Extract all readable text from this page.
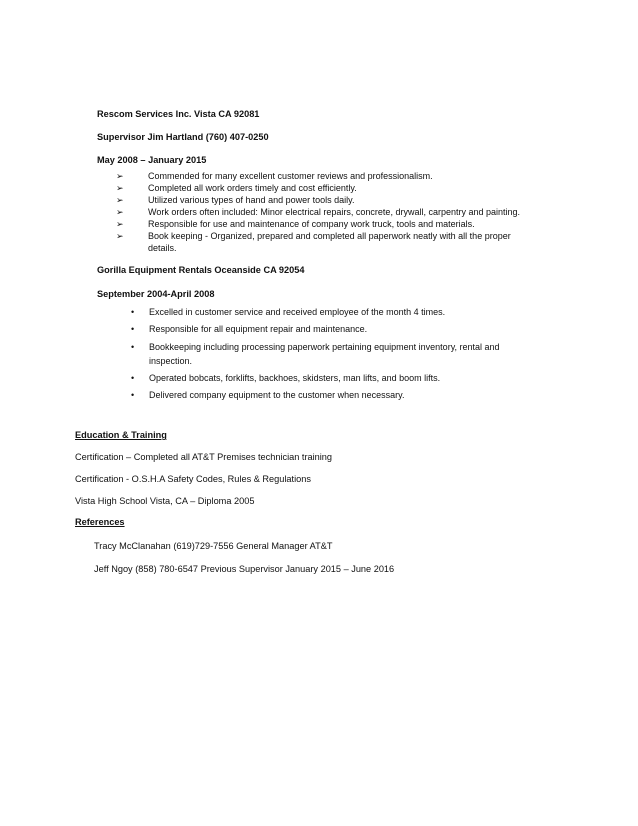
Rescom Services Inc. Vista CA 92081
Supervisor Jim Hartland (760) 407-0250
May 2008 – January 2015
➢	Commended for many excellent customer reviews and professionalism.
➢	Completed all work orders timely and cost efficiently.
➢	Utilized various types of hand and power tools daily.
➢	Work orders often included: Minor electrical repairs, concrete, drywall, carpentry and painting.
➢	Responsible for use and maintenance of company work truck, tools and materials.
➢	Book keeping - Organized, prepared and completed all paperwork neatly with all the proper
details.
Gorilla Equipment Rentals Oceanside CA 92054
September 2004-April 2008
•	Excelled in customer service and received employee of the month 4 times.
•	Responsible for all equipment repair and maintenance.
•	Bookkeeping including processing paperwork pertaining equipment inventory, rental and
inspection.
•	Operated bobcats, forklifts, backhoes, skidsters, man lifts, and boom lifts.
•	Delivered company equipment to the customer when necessary.
Education & Training
Certification – Completed all AT&T Premises technician training
Certification - O.S.H.A Safety Codes, Rules & Regulations
Vista High School Vista, CA – Diploma 2005
References
Tracy McClanahan (619)729-7556 General Manager AT&T
Jeff Ngoy (858) 780-6547 Previous Supervisor January 2015 – June 2016
